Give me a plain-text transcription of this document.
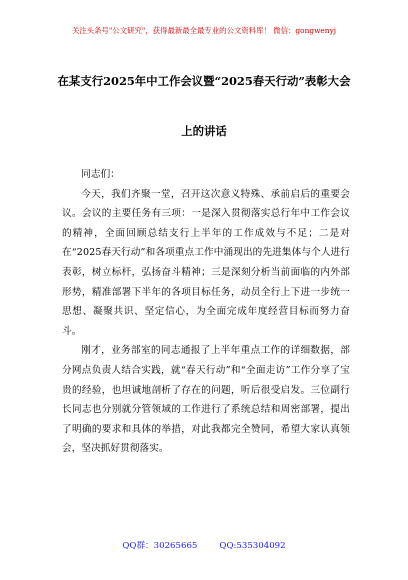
关注头条号"公文研究"，获得最新最全最专业的公文资料库！ 微信：gongwenyj
在某支行2025年中工作会议暨“2025春天行动”表彰大会
上的讲话

同志们：

今天，我们齐聚一堂，召开这次意义特殊、承前启后的重要会议。会议的主要任务有三项：一是深入贯彻落实总行年中工作会议的精神，全面回顾总结支行上半年的工作成效与不足；二是对在“2025春天行动”和各项重点工作中涌现出的先进集体与个人进行表彰，树立标杆，弘扬奋斗精神；三是深刻分析当前面临的内外部形势，精准部署下半年的各项目标任务，动员全行上下进一步统一思想、凝聚共识、坚定信心，为全面完成年度经营目标而努力奋斗。

刚才，业务部室的同志通报了上半年重点工作的详细数据，部分网点负责人结合实践，就“春天行动”和“全面走访”工作分享了宝贵的经验，也坦诚地剖析了存在的问题，听后很受启发。三位副行长同志也分别就分管领域的工作进行了系统总结和周密部署，提出了明确的要求和具体的举措，对此我都完全赞同，希望大家认真领会，坚决抓好贯彻落实。

QQ群：30265665	QQ:535304092
